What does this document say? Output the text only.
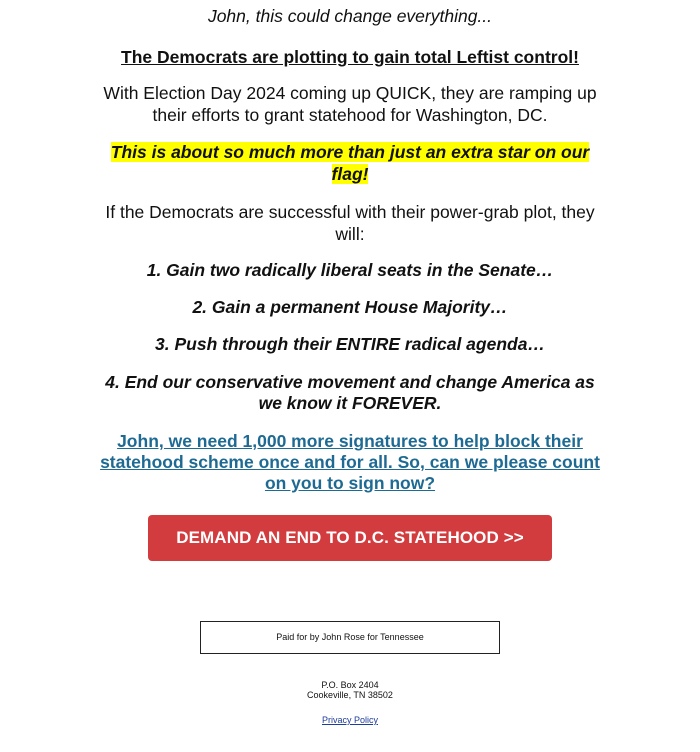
John, this could change everything...

The Democrats are plotting to gain total Leftist control!

With Election Day 2024 coming up QUICK, they are ramping up their efforts to grant statehood for Washington, DC.

This is about so much more than just an extra star on our flag!

If the Democrats are successful with their power-grab plot, they will:

1. Gain two radically liberal seats in the Senate…

2. Gain a permanent House Majority…

3. Push through their ENTIRE radical agenda…

4. End our conservative movement and change America as we know it FOREVER.

John, we need 1,000 more signatures to help block their statehood scheme once and for all. So, can we please count on you to sign now?
DEMAND AN END TO D.C. STATEHOOD >>
Paid for by John Rose for Tennessee
P.O. Box 2404
Cookeville, TN 38502
Privacy Policy
